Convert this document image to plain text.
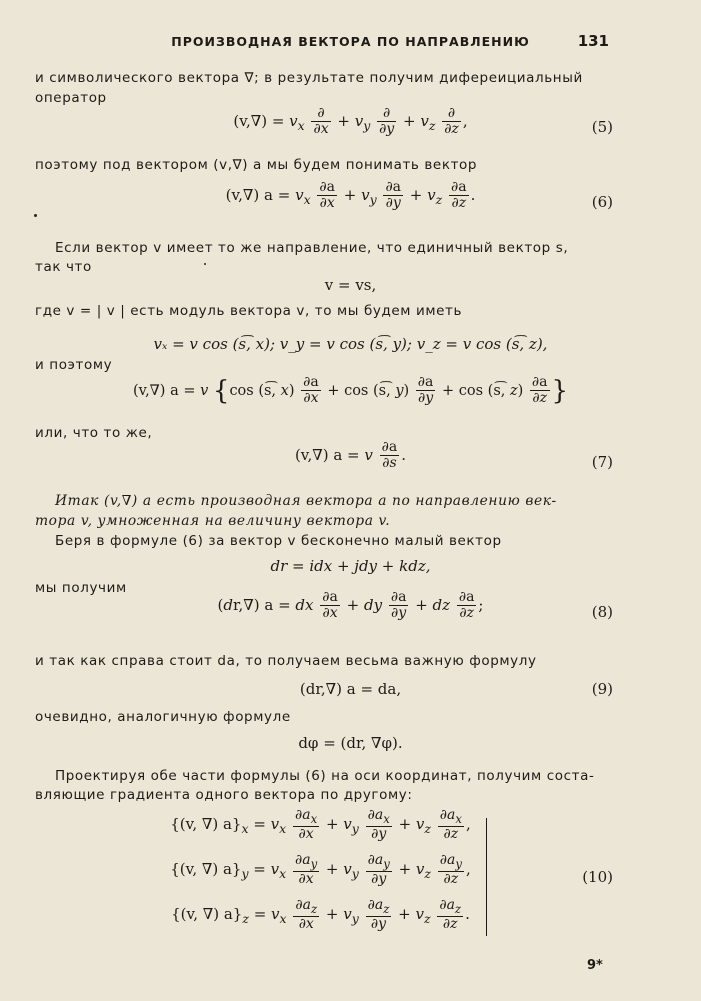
ПРОИЗВОДНАЯ ВЕКТОРА ПО НАПРАВЛЕНИЮ	131
и символического вектора ∇; в результате получим дифереициальный
оператор
$(v,\nabla) = v_x \frac{\partial}{\partial x} + v_y \frac{\partial}{\partial y} + v_z \frac{\partial}{\partial z}$ ,	(5)
поэтому под вектором (v,∇) a мы будем понимать вектор
(v,∇) $a = v_x \frac{\partial a}{\partial x} + v_y \frac{\partial a}{\partial y} + v_z \frac{\partial a}{\partial z}$ .	(6)
Если вектор v имеет то же направление, что единичный вектор s,
так что
v = vs,
где v = | v | есть модуль вектора v, то мы будем иметь
vₓ = v cos (s͡, x); v_y = v cos (s͡, y); v_z = v cos (s͡, z),
и поэтому
(v,∇) a = v {cos (s͡, $x) \frac{\partial a}{\partial x} + \cos$ (s͡, $y) \frac{\partial a}{\partial y} + \cos$ (s͡, $z) \frac{\partial a}{\partial z}$ }
или, что то же,
(v,∇) a = v $\frac{\partial a}{\partial s}$ .	(7)
Итак (v,∇) a есть производная вектора a по направлению век-
тора v, умноженная на величину вектора v.
Беря в формуле (6) за вектор v бесконечно малый вектор
dr = idx + jdy + kdz,
мы получим
(dr,∇) a = dx $\frac{\partial a}{\partial x}$ + dy $\frac{\partial a}{\partial y}$ + dz $\frac{\partial a}{\partial z}$ ;	(8)
и так как справа стоит da, то получаем весьма важную формулу
(dr,∇) a = da,	(9)
очевидно, аналогичную формуле
dφ = (dr, ∇φ).
Проектируя обе части формулы (6) на оси координат, получим соста-
вляющие градиента одного вектора по другому:
{(v, ∇) $a\}_x = v_x \frac{\partial a_x}{\partial x} + v_y \frac{\partial a_x}{\partial y} + v_z \frac{\partial a_x}{\partial z}$ ,
{(v, ∇) $a\}_y = v_x \frac{\partial a_y}{\partial x} + v_y \frac{\partial a_y}{\partial y} + v_z \frac{\partial a_y}{\partial z}$ ,
{(v, ∇) $a\}_z = v_x \frac{\partial a_z}{\partial x} + v_y \frac{\partial a_z}{\partial y} + v_z \frac{\partial a_z}{\partial z}$ .
(10)
9*
